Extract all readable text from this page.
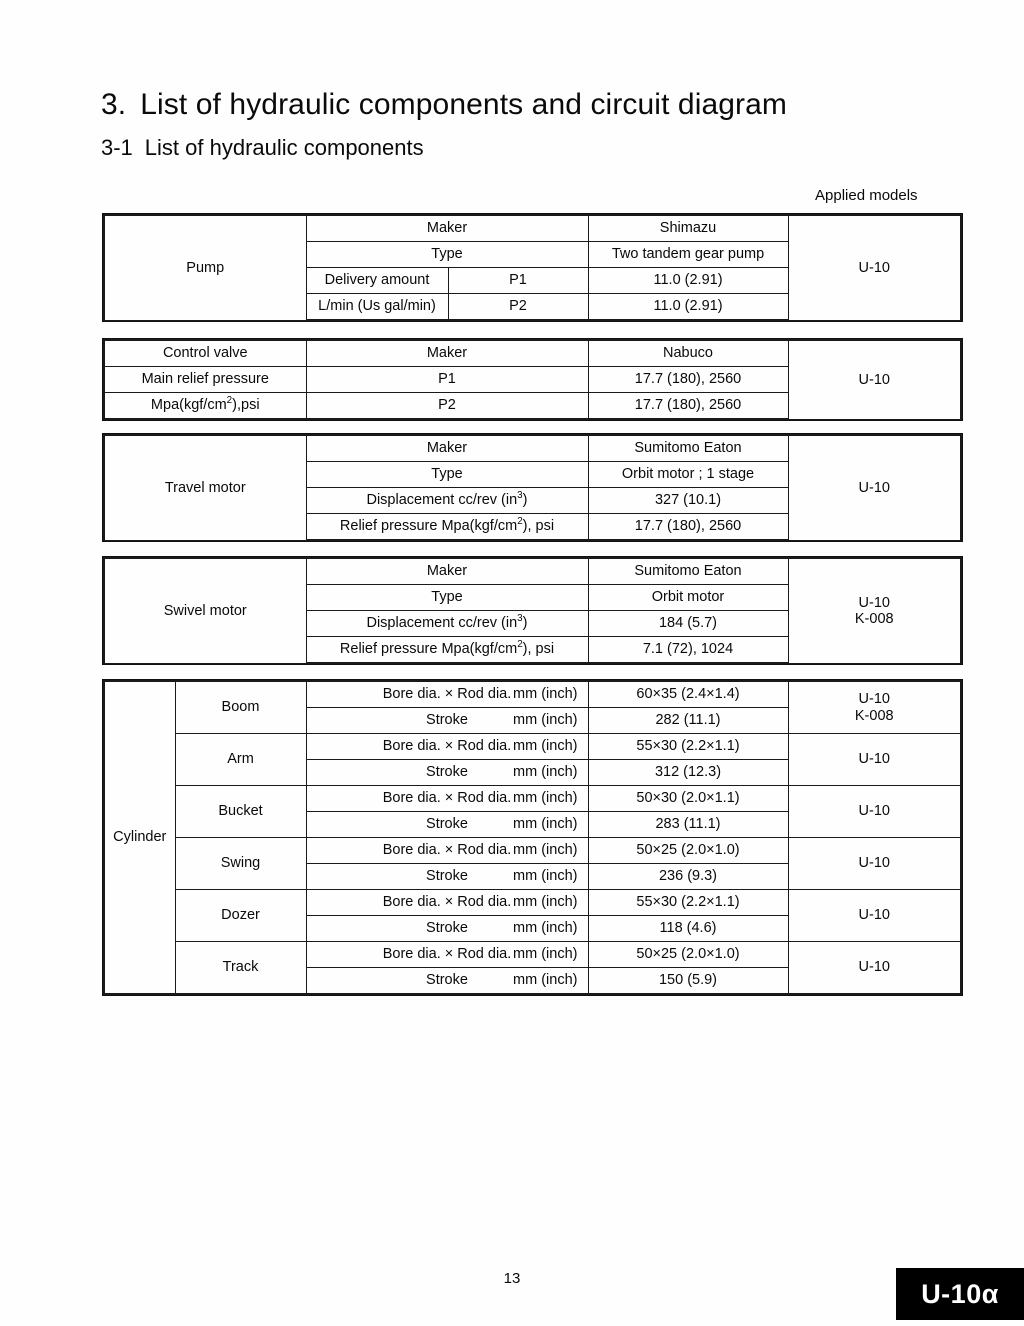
3. List of hydraulic components and circuit diagram
3-1 List of hydraulic components
Applied models
Pump	Maker		Shimazu	U-10
	Type		Two tandem gear pump	
	Delivery amount	P1	11.0 (2.91)	
	L/min (Us gal/min)	P2	11.0 (2.91)	
Control valve	Maker	Nabuco	U-10
Main relief pressure	P1	17.7 (180), 2560	
$Mpa(kgf/cm^2),psi$	P2	17.7 (180), 2560	
Travel motor	Maker	Sumitomo Eaton	U-10
	Type	Orbit motor ; 1 stage	
	Displacement cc/rev $(in^3)$	327 (10.1)	
	Relief pressure $Mpa(kgf/cm^2)$, psi	17.7 (180), 2560	
Swivel motor	Maker	Sumitomo Eaton	U-10
K-008

	Type	Orbit motor	
	Displacement cc/rev $(in^3)$	184 (5.7)	
	Relief pressure $Mpa(kgf/cm^2)$, psi	7.1 (72), 1024	
Cylinder	Boom	Bore dia. × Rod dia. mm (inch)	60×35 (2.4×1.4)	U-10
K-008

		Stroke mm (inch)	282 (11.1)	
	Arm	Bore dia. × Rod dia. mm (inch)	55×30 (2.2×1.1)	U-10

		Stroke mm (inch)	312 (12.3)	
	Bucket	Bore dia. × Rod dia. mm (inch)	50×30 (2.0×1.1)	U-10

		Stroke mm (inch)	283 (11.1)	
	Swing	Bore dia. × Rod dia. mm (inch)	50×25 (2.0×1.0)	U-10

		Stroke mm (inch)	236 (9.3)	
	Dozer	Bore dia. × Rod dia. mm (inch)	55×30 (2.2×1.1)	U-10

		Stroke mm (inch)	118 (4.6)	
	Track	Bore dia. × Rod dia. mm (inch)	50×25 (2.0×1.0)	U-10

		Stroke mm (inch)	150 (5.9)	
13	U-10α
